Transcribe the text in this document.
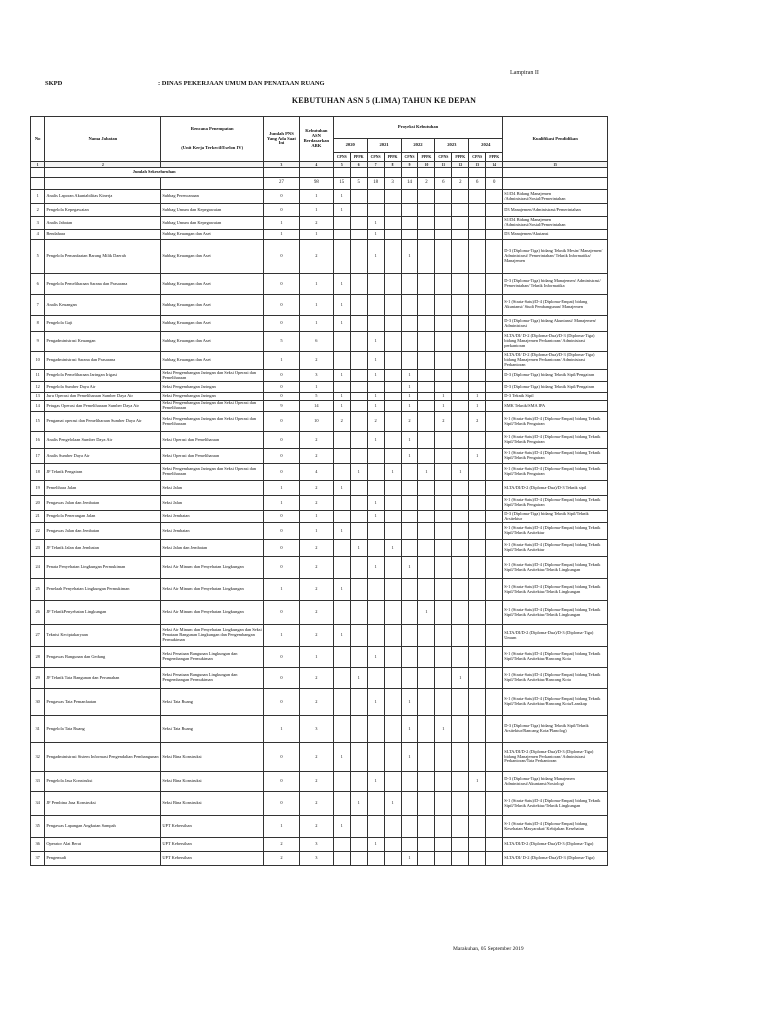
Lampiran II
SKPD	: DINAS PEKERJAAN UMUM DAN PENATAAN RUANG
KEBUTUHAN ASN 5 (LIMA) TAHUN KE DEPAN
No	Nama Jabatan	Rencana Penempatan
(Unit Kerja Terkecil/Eselon IV)	Jumlah PNS Yang Ada Saat Ini	Kebutuhan ASN Berdasarkan ABK	Proyeksi Kebutuhan										Kualifikasi Pendidikan
					2020		2021		2022		2023		2024		
					CPNS	PPPK	CPNS	PPPK	CPNS	PPPK	CPNS	PPPK	CPNS	PPPK	
1	2		3	4	5	6	7	8	9	10	11	12	13	14	15
	Jumlah Sekeseluruhan														
			27	98	15	5	18	3	14	2	6	2	6	0	
1	Analis Laporan Akuntabilitas Kinerja	Subbag Perencanaan	0	1	1										S1/D4 Bidang Manajemen /Administrasi/Sosial/Pemerintahan
2	Pengelola Kepegawaian	Subbag Umum dan Kepegawaian	0	1	1										D3 Manajemen/Administrasi/Pemerintahan
3	Analis Jabatan	Subbag Umum dan Kepegawaian	1	2			1								S1/D4 Bidang Manajemen /Administrasi/Sosial/Pemerintahan
4	Bendahara	Subbag Keuangan dan Aset	1	1			1								D3 Manajemen/Akutansi
5	Pengelola Pemanfaatan Barang Milik Daerah	Subbag Keuangan dan Aset	0	2			1		1						D-3 (Diploma-Tiga) bidang Teknik Mesin/ Manajemen/ Administrasi/ Pemerintahan/ Teknik Informatika/ Manajemen
6	Pengelola Pemeliharaan Sarana dan Prasarana	Subbag Keuangan dan Aset	0	1	1										D-3 (Diploma-Tiga) bidang Manajemen/ Administrasi/ Pemerintahan/ Teknik Informatika
7	Analis Keuangan	Subbag Keuangan dan Aset	0	1	1										S-1 (Strata-Satu)/D-4 (Diploma-Empat) bidang Akuntansi/ Studi Pembangunan/ Manajemen
8	Pengelola Gaji	Subbag Keuangan dan Aset	0	1	1										D-3 (Diploma-Tiga) bidang Akuntansi/ Manajemen/ Administrasi
9	Pengadministrasi Keuangan	Subbag Keuangan dan Aset	5	6			1								SLTA/DI/ D-2 (Diploma-Dua)/D-3 (Diploma-Tiga) bidang Manajemen Perkantoran/ Administrasi perkantoran
10	Pengadministrasi Sarana dan Prasarana	Subbag Keuangan dan Aset	1	2			1								SLTA/DI/ D-2 (Diploma-Dua)/D-3 (Diploma-Tiga) bidang Manajemen Perkantoran/ Administrasi Perkantoran
11	Pengelola Pemeliharaan Jaringan Irigasi	Seksi Pengembangan Jaringan dan Seksi Operasi dan Pemeliharaan	0	3	1		1		1						D-3 (Diploma-Tiga) bidang Teknik Sipil/Pengairan
12	Pengelola Sumber Daya Air	Seksi Pengembangan Jaringan	0	1					1						D-3 (Diploma-Tiga) bidang Teknik Sipil/Pengairan
13	Juru Operasi dan Pemeliharaan Sumber Daya Air	Seksi Pengembangan Jaringan	0	5	1		1		1		1		1		D-3 Teknik Sipil
14	Petugas Operasi dan Pemeliharaan Sumber Daya Air	Seksi Pengembangan Jaringan dan Seksi Operasi dan Pemeliharaan	9	14	1		1		1		1		1		SMK Teknik/SMA IPA
15	Pengamat operasi dan Pemeliharaan Sumber Daya Air	Seksi Pengembangan Jaringan dan Seksi Operasi dan Pemeliharaan	0	10	2		2		2		2		2		S-1 (Strata-Satu)/D-4 (Diploma-Empat) bidang Teknik Sipil/Teknik Pengairan
16	Analis Pengelolaan Sumber Daya Air	Seksi Operasi dan Pemeliharaan	0	2			1		1						S-1 (Strata-Satu)/D-4 (Diploma-Empat) bidang Teknik Sipil/Teknik Pengairan
17	Analis Sumber Daya Air	Seksi Operasi dan Pemeliharaan	0	2					1				1		S-1 (Strata-Satu)/D-4 (Diploma-Empat) bidang Teknik Sipil/Teknik Pengairan
18	JF Teknik Pengairan	Seksi Pengembangan Jaringan dan Seksi Operasi dan Pemeliharaan	0	4		1		1		1		1			S-1 (Strata-Satu)/D-4 (Diploma-Empat) bidang Teknik Sipil/Teknik Pengairan
19	Pemelihara Jalan	Seksi Jalan	1	2	1										SLTA/DI/D-2 (Diploma-Dua)/D-3 Teknik sipil
20	Pengawas Jalan dan Jembatan	Seksi Jalan	1	2			1								S-1 (Strata-Satu)/D-4 (Diploma-Empat) bidang Teknik Sipil/Teknik Pengairan
21	Pengelola Penerangan Jalan	Seksi Jembatan	0	1			1								D-3 (Diploma-Tiga) bidang Teknik Sipil/Teknik Arsitektur
22	Pengawas Jalan dan Jembatan	Seksi Jembatan	0	1	1										S-1 (Strata-Satu)/D-4 (Diploma-Empat) bidang Teknik Sipil/Teknik Arsitektur
23	JF Teknik Jalan dan Jembatan	Seksi Jalan dan Jembatan	0	2		1		1							S-1 (Strata-Satu)/D-4 (Diploma-Empat) bidang Teknik Sipil/Teknik Arsitektur
24	Penata Penyehatan Lingkungan Permukiman	Seksi Air Minum dan Penyehatan Lingkungan	0	2			1		1						S-1 (Strata-Satu)/D-4 (Diploma-Empat) bidang Teknik Sipil/Teknik Arsitektur/Teknik Lingkungan
25	Penelaah Penyehatan Lingkungan Permukiman	Seksi Air Minum dan Penyehatan Lingkungan	1	2	1										S-1 (Strata-Satu)/D-4 (Diploma-Empat) bidang Teknik Sipil/Teknik Arsitektur/Teknik Lingkungan
26	JF TeknikPenyehatan Lingkungan	Seksi Air Minum dan Penyehatan Lingkungan	0	2						1					S-1 (Strata-Satu)/D-4 (Diploma-Empat) bidang Teknik Sipil/Teknik Arsitektur/Teknik Lingkungan
27	Teknisi Keciptakaryaan	Seksi Air Minum dan Penyehatan Lingkungan dan Seksi Penataan Bangunan Lingkungan dan Pengembangan Permukiman	1	2	1										SLTA/DI/D-2 (Diploma-Dua)/D-3 (Diploma-Tiga) Umum
28	Pengawas Bangunan dan Gedung	Seksi Penataan Bangunan Lingkungan dan Pengembangan Permukiman	0	1			1								S-1 (Strata-Satu)/D-4 (Diploma-Empat) bidang Teknik Sipil/Teknik Arsitektur/Rancang Kota
29	JF Teknik Tata Bangunan dan Perumahan	Seksi Penataan Bangunan Lingkungan dan Pengembangan Permukiman	0	2		1						1			S-1 (Strata-Satu)/D-4 (Diploma-Empat) bidang Teknik Sipil/Teknik Arsitektur/Rancang Kota
30	Pengawas Tata Pemanfaatan	Seksi Tata Ruang	0	2			1		1						S-1 (Strata-Satu)/D-4 (Diploma-Empat) bidang Teknik Sipil/Teknik Arsitektur/Rancang Kota/Lanskap
31	Pengelola Tata Ruang	Seksi Tata Ruang	1	3					1		1				D-3 (Diploma-Tiga) bidang Teknik Sipil/Teknik Arsitektur/Rancang Kota/Planolog)
32	Pengadministrasi Sistem Informasi Pengendalian Pembangunan	Seksi Bina Konstruksi	0	2	1				1						SLTA/DI/D-2 (Diploma-Dua)/D-3 (Diploma-Tiga) bidang Manajemen Perkantoran/ Administrasi Perkantoran/Tata Perkantoran
33	Pengelola Jasa Konstruksi	Seksi Bina Konstruksi	0	2			1						1		D-3 (Diploma-Tiga) bidang Manajemen Administrasi/Akuntansi/Sosiologi
34	JF Pembina Jasa Konstruksi	Seksi Bina Konstruksi	0	2		1		1							S-1 (Strata-Satu)/D-4 (Diploma-Empat) bidang Teknik Sipil/Teknik Arsitektur/Teknik Lingkungan
35	Pengawas Lapangan Angkutan Sampah	UPT Kebersihan	1	2	1										S-1 (Strata-Satu)/D-4 (Diploma-Empat) bidang Kesehatan Masyarakat/ Kebijakan Kesehatan
36	Operator Alat Berat	UPT Kebersihan	2	3			1								SLTA/DI/D-2 (Diploma-Dua)/D-3 (Diploma-Tiga)
37	Pengemudi	UPT Kebersihan	2	3					1						SLTA/DI/ D-2 (Diploma-Dua)/D-3 (Diploma-Tiga)
Marakuhan, 05 September 2019
